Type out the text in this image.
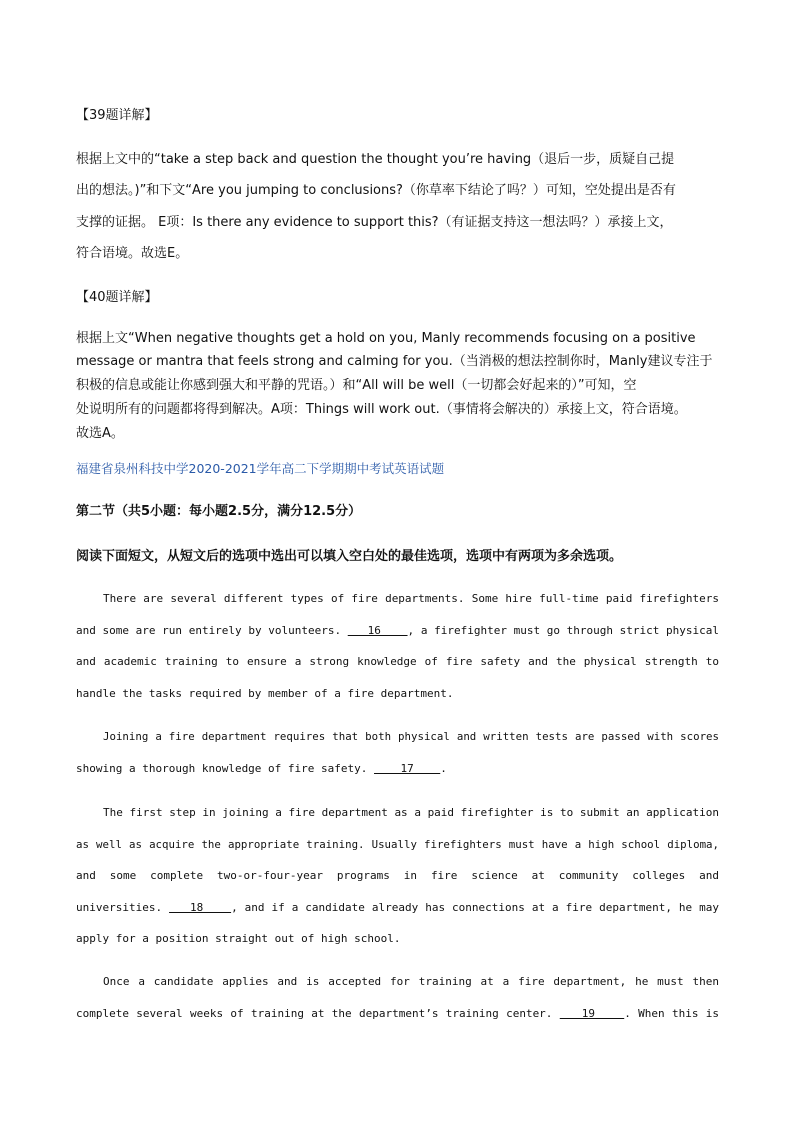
【39题详解】
根据上文中的“take a step back and question the thought you’re having（退后一步，质疑自己提
出的想法。)”和下文“Are you jumping to conclusions?（你草率下结论了吗？）可知，空处提出是否有
支撑的证据。 E项：Is there any evidence to support this?（有证据支持这一想法吗？）承接上文，
符合语境。故选E。
【40题详解】
根据上文“When negative thoughts get a hold on you, Manly recommends focusing on a positive
message or mantra that feels strong and calming for you.（当消极的想法控制你时，Manly建议专注于
积极的信息或能让你感到强大和平静的咒语。）和“All will be well（一切都会好起来的）”可知，空
处说明所有的问题都将得到解决。A项：Things will work out.（事情将会解决的）承接上文，符合语境。
故选A。
福建省泉州科技中学2020-2021学年高二下学期期中考试英语试题
第二节（共5小题：每小题2.5分，满分12.5分）
阅读下面短文，从短文后的选项中选出可以填入空白处的最佳选项，选项中有两项为多余选项。
There are several different types of fire departments. Some hire full-time paid firefighters
and some are run entirely by volunteers.    16    , a firefighter must go through strict physical
and academic training to ensure a strong knowledge of fire safety and the physical strength to
handle the tasks required by member of a fire department.
Joining a fire department requires that both physical and written tests are passed with scores
showing a thorough knowledge of fire safety.     17    .
The first step in joining a fire department as a paid firefighter is to submit an application
as well as acquire the appropriate training. Usually firefighters must have a high school diploma,
and some complete two-or-four-year programs in fire science at community colleges and
universities.    18    , and if a candidate already has connections at a fire department, he may
apply for a position straight out of high school.
Once a candidate applies and is accepted for training at a fire department, he must then
complete several weeks of training at the department’s training center.    19    . When this is
